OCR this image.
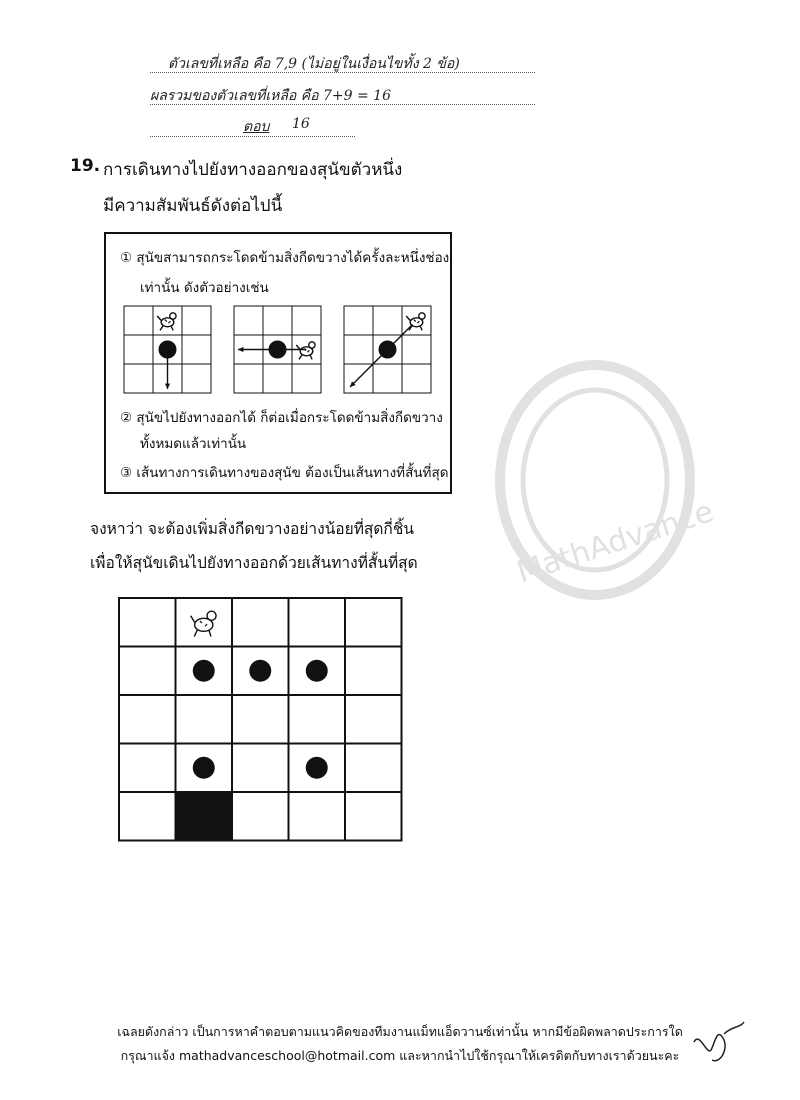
ตัวเลขที่เหลือ คือ 7,9 (ไม่อยู่ในเงื่อนไขทั้ง 2 ข้อ)
ผลรวมของตัวเลขที่เหลือ คือ 7+9 = 16
ตอบ 16
19. การเดินทางไปยังทางออกของสุนัขตัวหนึ่ง
มีความสัมพันธ์ดังต่อไปนี้
① สุนัขสามารถกระโดดข้ามสิ่งกีดขวางได้ครั้งละหนึ่งช่อง
เท่านั้น ดังตัวอย่างเช่น
② สุนัขไปยังทางออกได้ ก็ต่อเมื่อกระโดดข้ามสิ่งกีดขวาง
ทั้งหมดแล้วเท่านั้น
③ เส้นทางการเดินทางของสุนัข ต้องเป็นเส้นทางที่สั้นที่สุด
จงหาว่า จะต้องเพิ่มสิ่งกีดขวางอย่างน้อยที่สุดกี่ชิ้น
เพื่อให้สุนัขเดินไปยังทางออกด้วยเส้นทางที่สั้นที่สุด	MathAdvance
เฉลยดังกล่าว เป็นการหาคำตอบตามแนวคิดของทีมงานแม็ทแอ็ดวานซ์เท่านั้น หากมีข้อผิดพลาดประการใด
กรุณาแจ้ง mathadvanceschool@hotmail.com และหากนำไปใช้กรุณาให้เครดิตกับทางเราด้วยนะคะ
